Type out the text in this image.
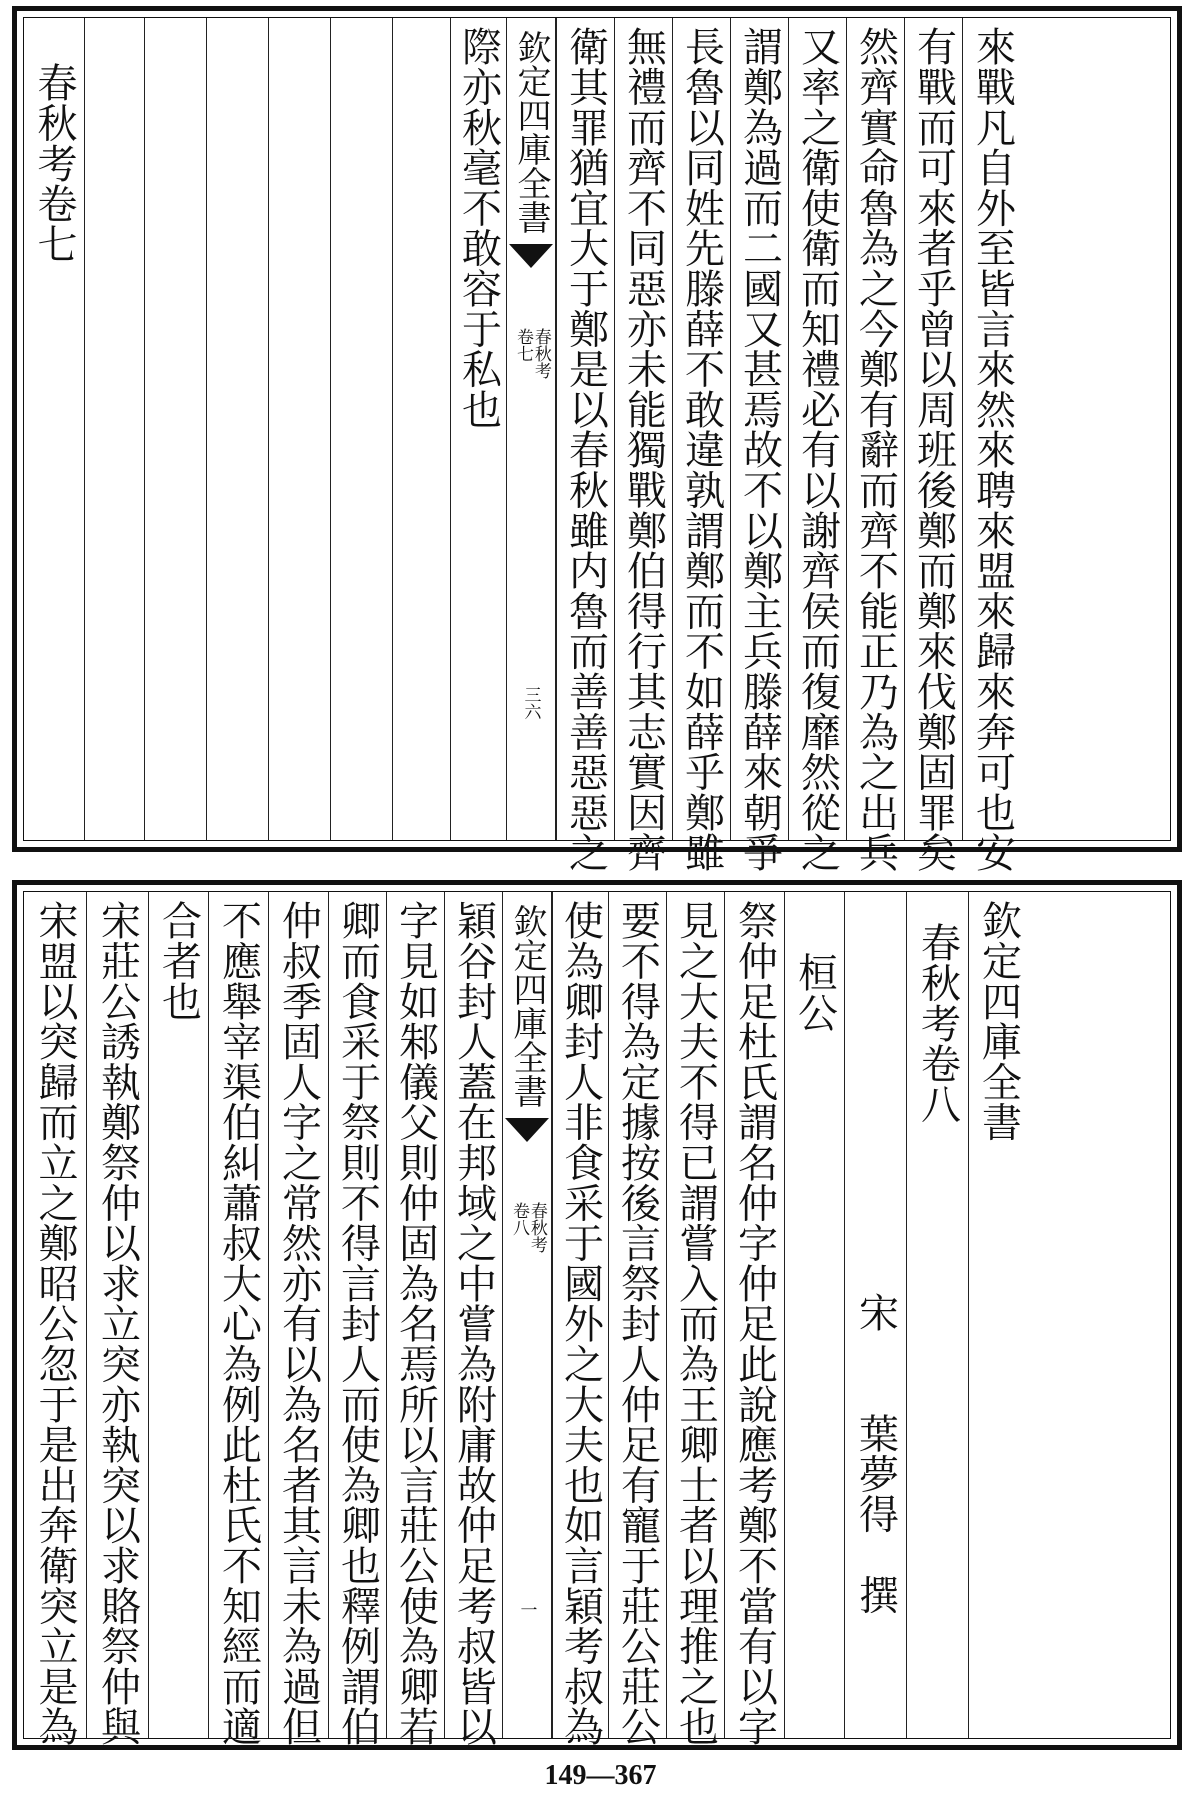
春秋考卷七	際亦秋毫不敢容于私也 欽定四庫全書
春秋考
卷七
三六 衛其罪猶宜大于鄭是以春秋雖内魯而善善惡惡之 無禮而齊不同惡亦未能獨戰鄭伯得行其志實因齊 長魯以同姓先滕薛不敢違孰謂鄭而不如薛乎鄭雖 謂鄭為過而二國又甚焉故不以鄭主兵滕薛來朝爭 又率之衛使衛而知禮必有以謝齊侯而復靡然從之 然齊實命魯為之今鄭有辭而齊不能正乃為之出兵 有戰而可來者乎曾以周班後鄭而鄭來伐鄭固罪矣 來戰凡自外至皆言來然來聘來盟來歸來奔可也安
宋盟以突歸而立之鄭昭公忽于是出奔衛突立是為 宋莊公誘執鄭祭仲以求立突亦執突以求賂祭仲與 合者也 不應舉宰渠伯糾蕭叔大心為例此杜氏不知經而適 仲叔季固人字之常然亦有以為名者其言未為過但 卿而食采于祭則不得言封人而使為卿也釋例謂伯 字見如邾儀父則仲固為名焉所以言莊公使為卿若 穎谷封人蓋在邦域之中嘗為附庸故仲足考叔皆以 欽定四庫全書
春秋考
卷八
一 使為卿封人非食采于國外之大夫也如言穎考叔為 要不得為定據按後言祭封人仲足有寵于莊公莊公 見之大夫不得已謂嘗入而為王卿士者以理推之也 祭仲足杜氏謂名仲字仲足此說應考鄭不當有以字 桓公
宋　　葉夢得　撰
春秋考卷八 欽定四庫全書
149—367
